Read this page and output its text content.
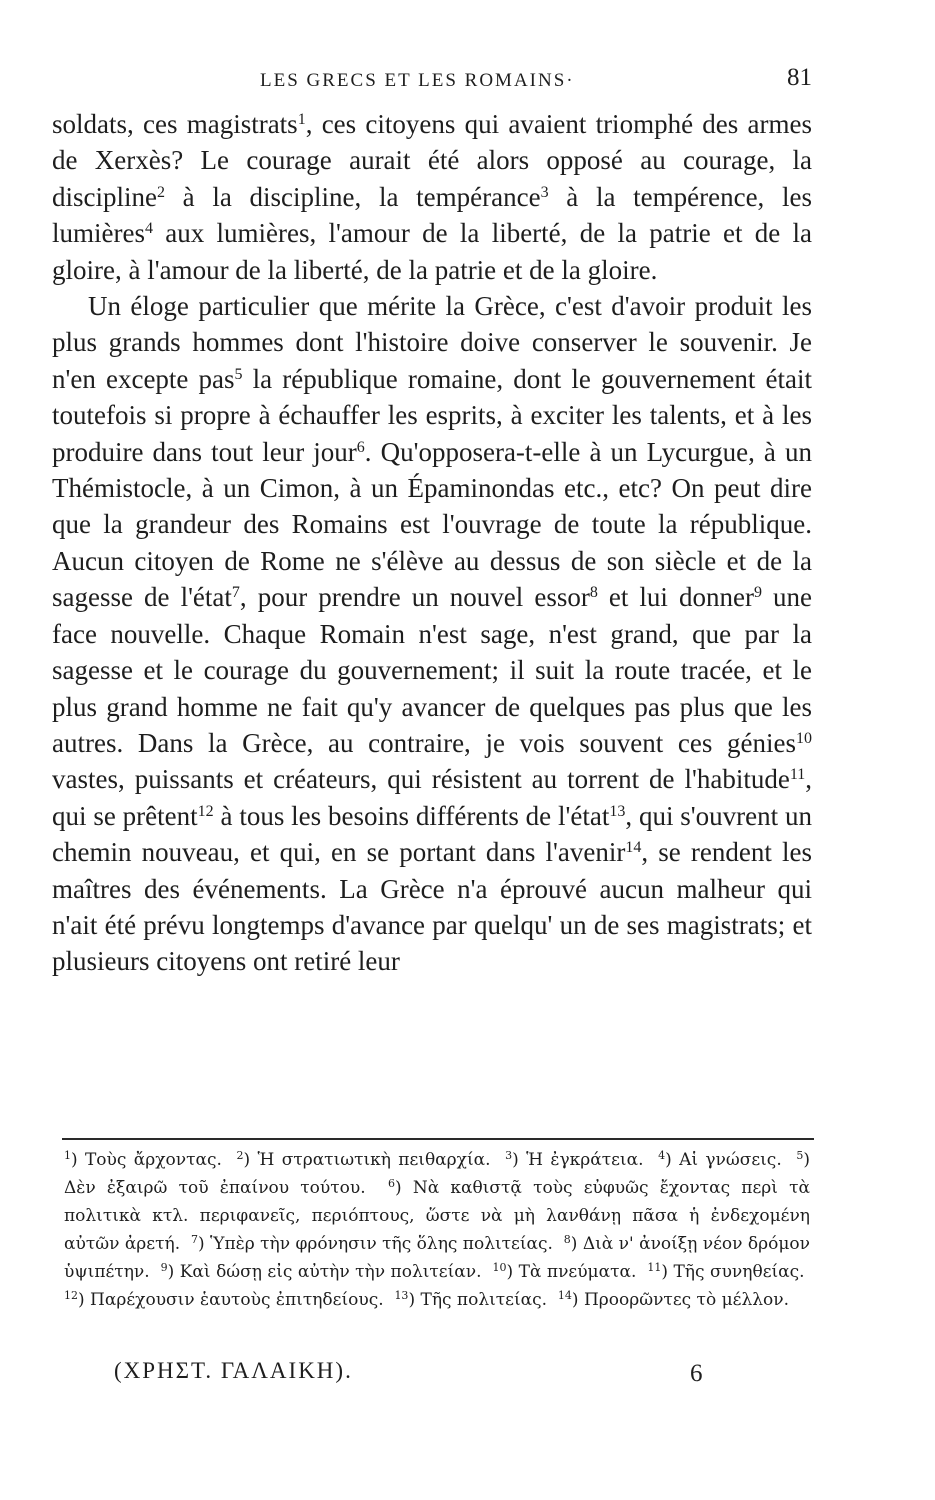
LES GRECS ET LES ROMAINS·	81

soldats, ces magistrats$^1$, ces citoyens qui avaient triomphé des armes de Xerxès? Le courage aurait été alors opposé au courage, la discipline$^2$ à la discipline, la tempérance$^3$ à la tempérence, les lumières$^4$ aux lumières, l'amour de la liberté, de la patrie et de la gloire, à l'amour de la liberté, de la patrie et de la gloire.

Un éloge particulier que mérite la Grèce, c'est d'avoir produit les plus grands hommes dont l'histoire doive conserver le souvenir. Je n'en excepte pas$^5$ la république romaine, dont le gouvernement était toutefois si propre à échauffer les esprits, à exciter les talents, et à les produire dans tout leur jour$^6$. Qu'opposera-t-elle à un Lycurgue, à un Thémistocle, à un Cimon, à un Épaminondas etc., etc? On peut dire que la grandeur des Romains est l'ouvrage de toute la république. Aucun citoyen de Rome ne s'élève au dessus de son siècle et de la sagesse de l'état$^7$, pour prendre un nouvel essor$^8$ et lui donner$^9$ une face nouvelle. Chaque Romain n'est sage, n'est grand, que par la sagesse et le courage du gouvernement; il suit la route tracée, et le plus grand homme ne fait qu'y avancer de quelques pas plus que les autres. Dans la Grèce, au contraire, je vois souvent ces génies$^{10}$ vastes, puissants et créateurs, qui résistent au torrent de l'habitude$^{11}$, qui se prêtent$^{12}$ à tous les besoins différents de l'état$^{13}$, qui s'ouvrent un chemin nouveau, et qui, en se portant dans l'avenir$^{14}$, se rendent les maîtres des événements. La Grèce n'a éprouvé aucun malheur qui n'ait été prévu longtemps d'avance par quelqu' un de ses magistrats; et plusieurs citoyens ont retiré leur

$^1$) Τοὺς ἄρχοντας. $^2$) Ἡ στρατιωτικὴ πειθαρχία. $^3$) Ἡ ἐγκράτεια. $^4$) Αἱ γνώσεις. $^5$) Δὲν ἐξαιρῶ τοῦ ἐπαίνου τούτου. $^6$) Νὰ καθιστᾷ τοὺς εὐφυῶς ἔχοντας περὶ τὰ πολιτικὰ κτλ. περιφανεῖς, περιόπτους, ὥστε νὰ μὴ λανθάνῃ πᾶσα ἡ ἐνδεχομένη αὐτῶν ἀρετή. $^7$) Ὑπὲρ τὴν φρόνησιν τῆς ὅλης πολιτείας. $^8$) Διὰ ν' ἀνοίξῃ νέον δρόμον ὑψιπέτην. $^9$) Καὶ δώσῃ εἰς αὐτὴν τὴν πολιτείαν. $^{10}$) Τὰ πνεύματα. $^{11}$) Τῆς συνηθείας.  $^{12}$) Παρέχουσιν ἑαυτοὺς ἐπιτηδείους. $^{13}$) Τῆς πολιτείας. $^{14}$) Προορῶντες τὸ μέλλον.

(ΧΡΗΣΤ. ΓΑΛΑΙΚΗ).	6
